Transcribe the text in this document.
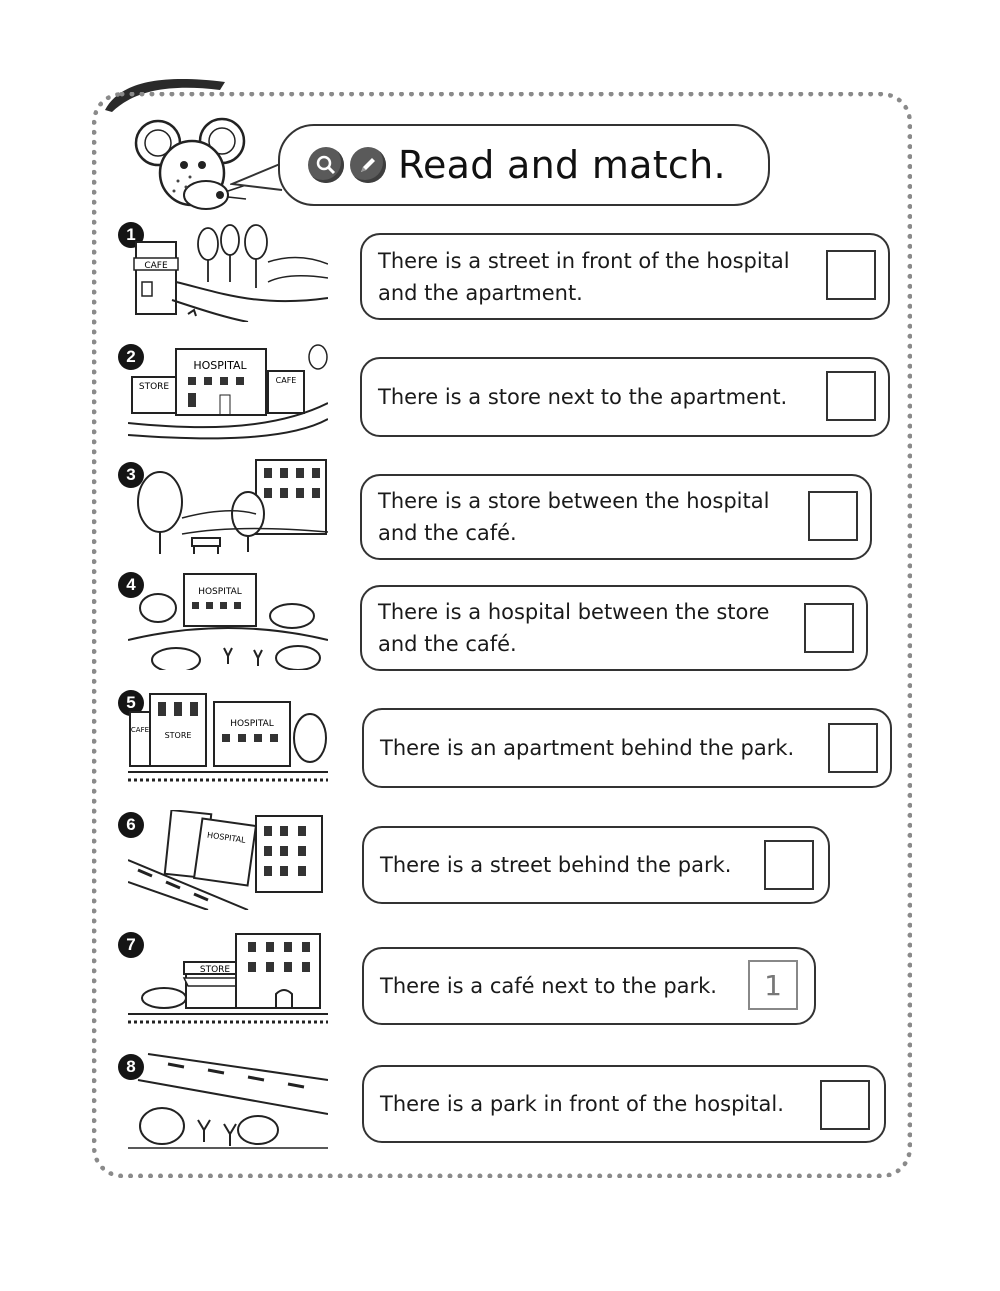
Read and match.
1
CAFE	There is a street in front of the hospital
and the apartment.
2	HOSPITAL
STORE
CAFE
There is a store next to the apartment.
3
There is a store between the hospital
and the café.
4	HOSPITAL
There is a hospital between the store
and the café.
5
CAFE
STORE
HOSPITAL
There is an apartment behind the park.
6
HOSPITAL
There is a street behind the park.
7
STORE
There is a café next to the park.	1
8
There is a park in front of the hospital.
